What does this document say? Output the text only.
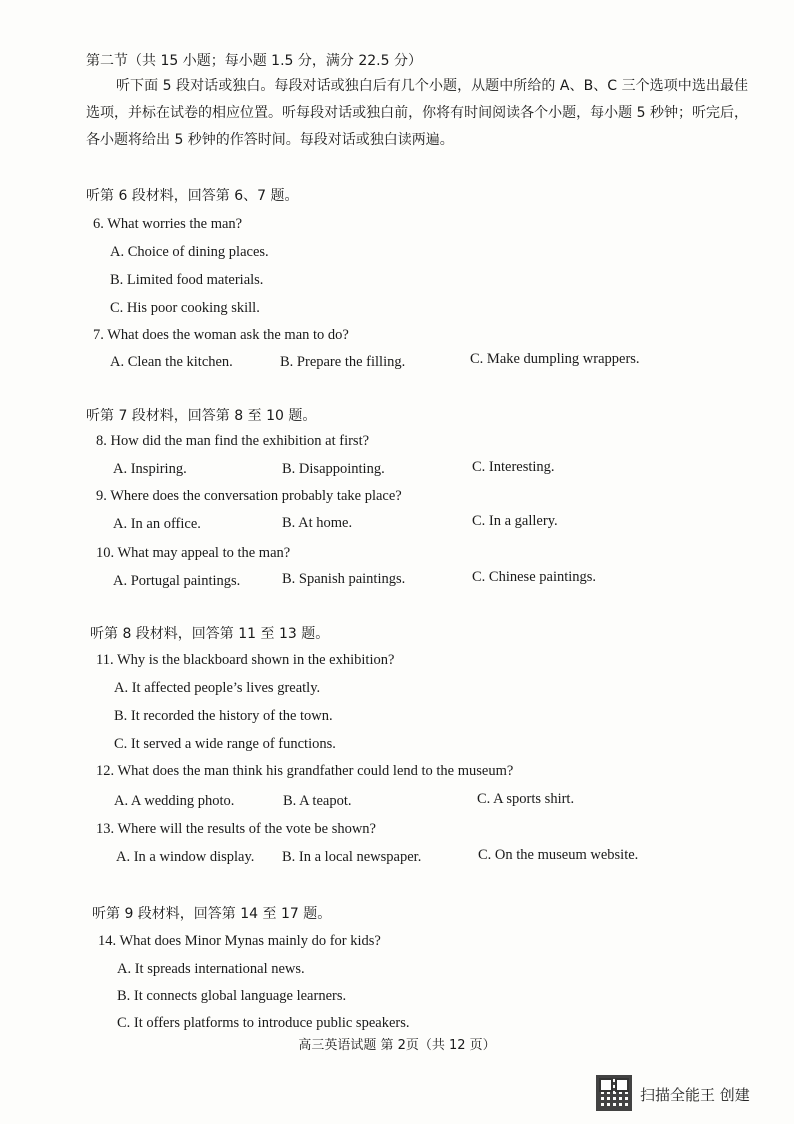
第二节（共 15 小题；每小题 1.5 分，满分 22.5 分）
听下面 5 段对话或独白。每段对话或独白后有几个小题，从题中所给的 A、B、C 三个选项中选出最佳选项，并标在试卷的相应位置。听每段对话或独白前，你将有时间阅读各个小题，每小题 5 秒钟；听完后，各小题将给出 5 秒钟的作答时间。每段对话或独白读两遍。
听第 6 段材料，回答第 6、7 题。
6. What worries the man?
A. Choice of dining places.
B. Limited food materials.
C. His poor cooking skill.
7. What does the woman ask the man to do?
A. Clean the kitchen.	B. Prepare the filling.	C. Make dumpling wrappers.
听第 7 段材料，回答第 8 至 10 题。
8. How did the man find the exhibition at first?
A. Inspiring.	B. Disappointing.	C. Interesting.
9. Where does the conversation probably take place?
A. In an office.	B. At home.	C. In a gallery.
10. What may appeal to the man?
A. Portugal paintings.	B. Spanish paintings.	C. Chinese paintings.
听第 8 段材料，回答第 11 至 13 题。
11. Why is the blackboard shown in the exhibition?
A. It affected people’s lives greatly.
B. It recorded the history of the town.
C. It served a wide range of functions.
12. What does the man think his grandfather could lend to the museum?
A. A wedding photo.	B. A teapot.	C. A sports shirt.
13. Where will the results of the vote be shown?
A. In a window display. B. In a local newspaper.	C. On the museum website.
听第 9 段材料，回答第 14 至 17 题。
14. What does Minor Mynas mainly do for kids?
A. It spreads international news.
B. It connects global language learners.
C. It offers platforms to introduce public speakers.
高三英语试题 第 2页（共 12 页）
扫描全能王 创建
